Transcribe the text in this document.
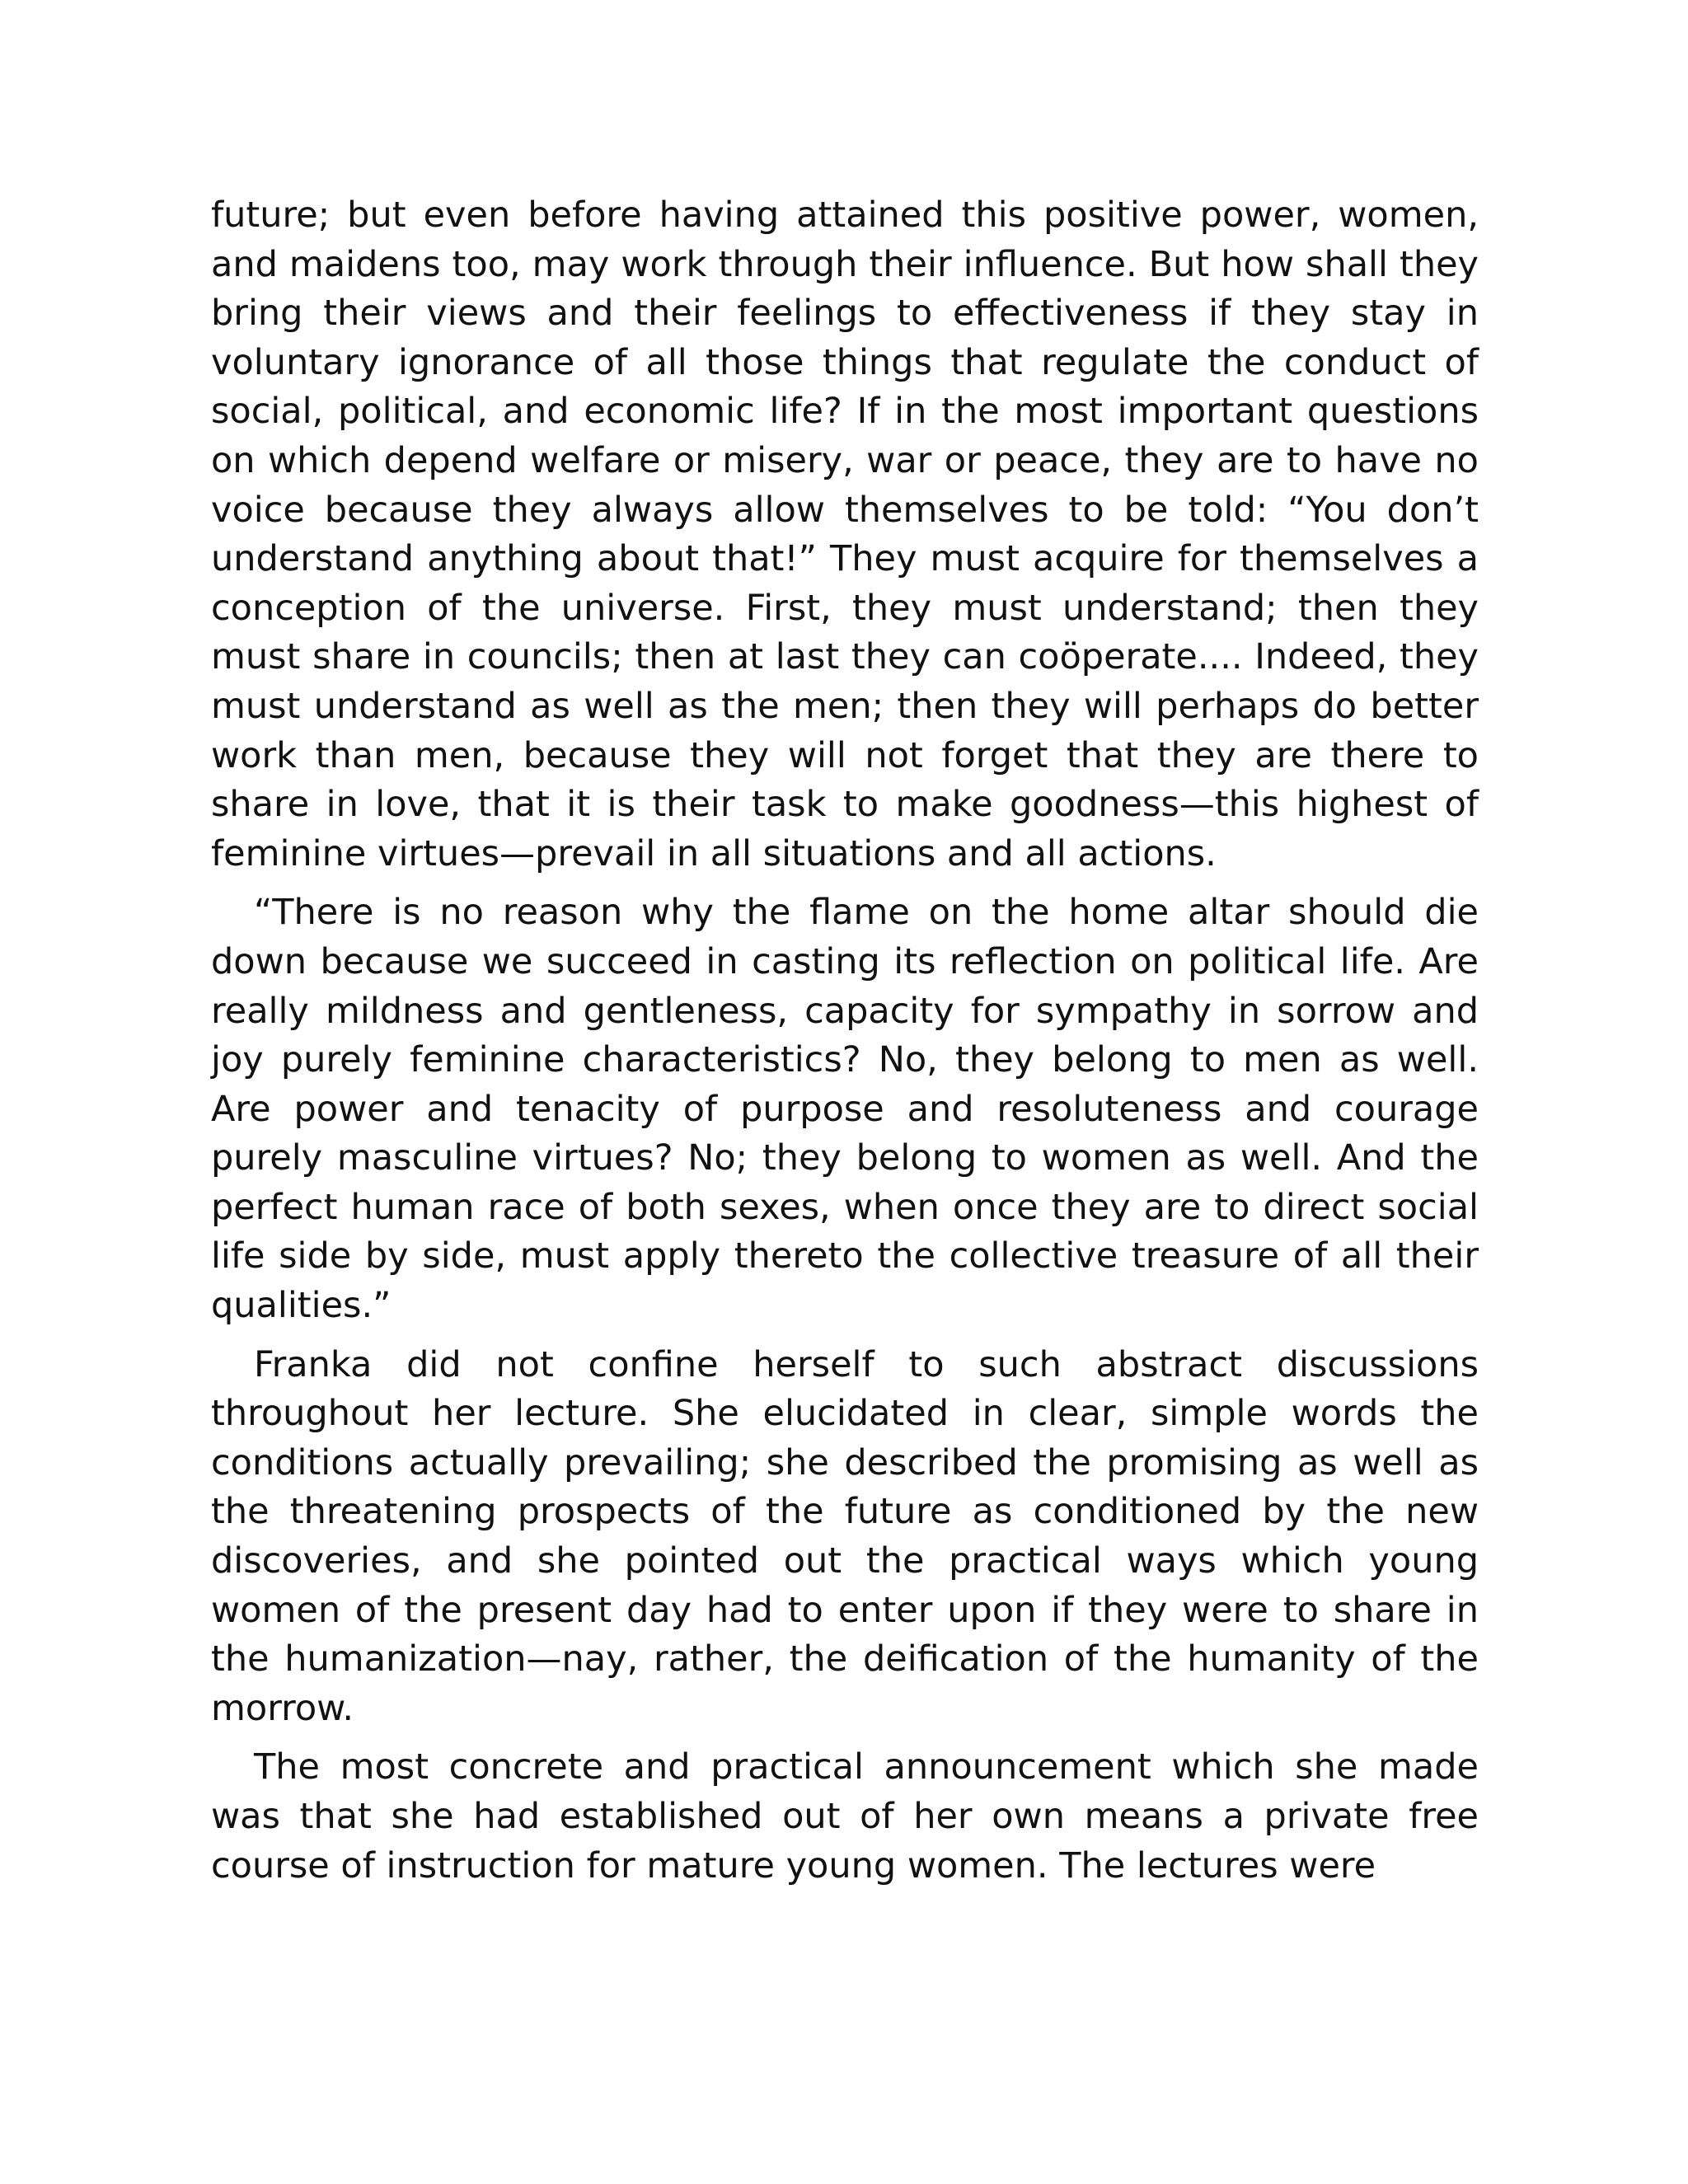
future; but even before having attained this positive power, women, and maidens too, may work through their influence. But how shall they bring their views and their feelings to effectiveness if they stay in voluntary ignorance of all those things that regulate the conduct of social, political, and economic life? If in the most important questions on which depend welfare or misery, war or peace, they are to have no voice because they always allow themselves to be told: “You don’t understand anything about that!” They must acquire for themselves a conception of the universe. First, they must understand; then they must share in councils; then at last they can coöperate.... Indeed, they must understand as well as the men; then they will perhaps do better work than men, because they will not forget that they are there to share in love, that it is their task to make goodness—this highest of feminine virtues—prevail in all situations and all actions.

“There is no reason why the flame on the home altar should die down because we succeed in casting its reflection on political life. Are really mildness and gentleness, capacity for sympathy in sorrow and joy purely feminine characteristics? No, they belong to men as well. Are power and tenacity of purpose and resoluteness and courage purely masculine virtues? No; they belong to women as well. And the perfect human race of both sexes, when once they are to direct social life side by side, must apply thereto the collective treasure of all their qualities.”

Franka did not confine herself to such abstract discussions throughout her lecture. She elucidated in clear, simple words the conditions actually prevailing; she described the promising as well as the threatening prospects of the future as conditioned by the new discoveries, and she pointed out the practical ways which young women of the present day had to enter upon if they were to share in the humanization—nay, rather, the deification of the humanity of the morrow.

The most concrete and practical announcement which she made was that she had established out of her own means a private free course of instruction for mature young women. The lectures were
